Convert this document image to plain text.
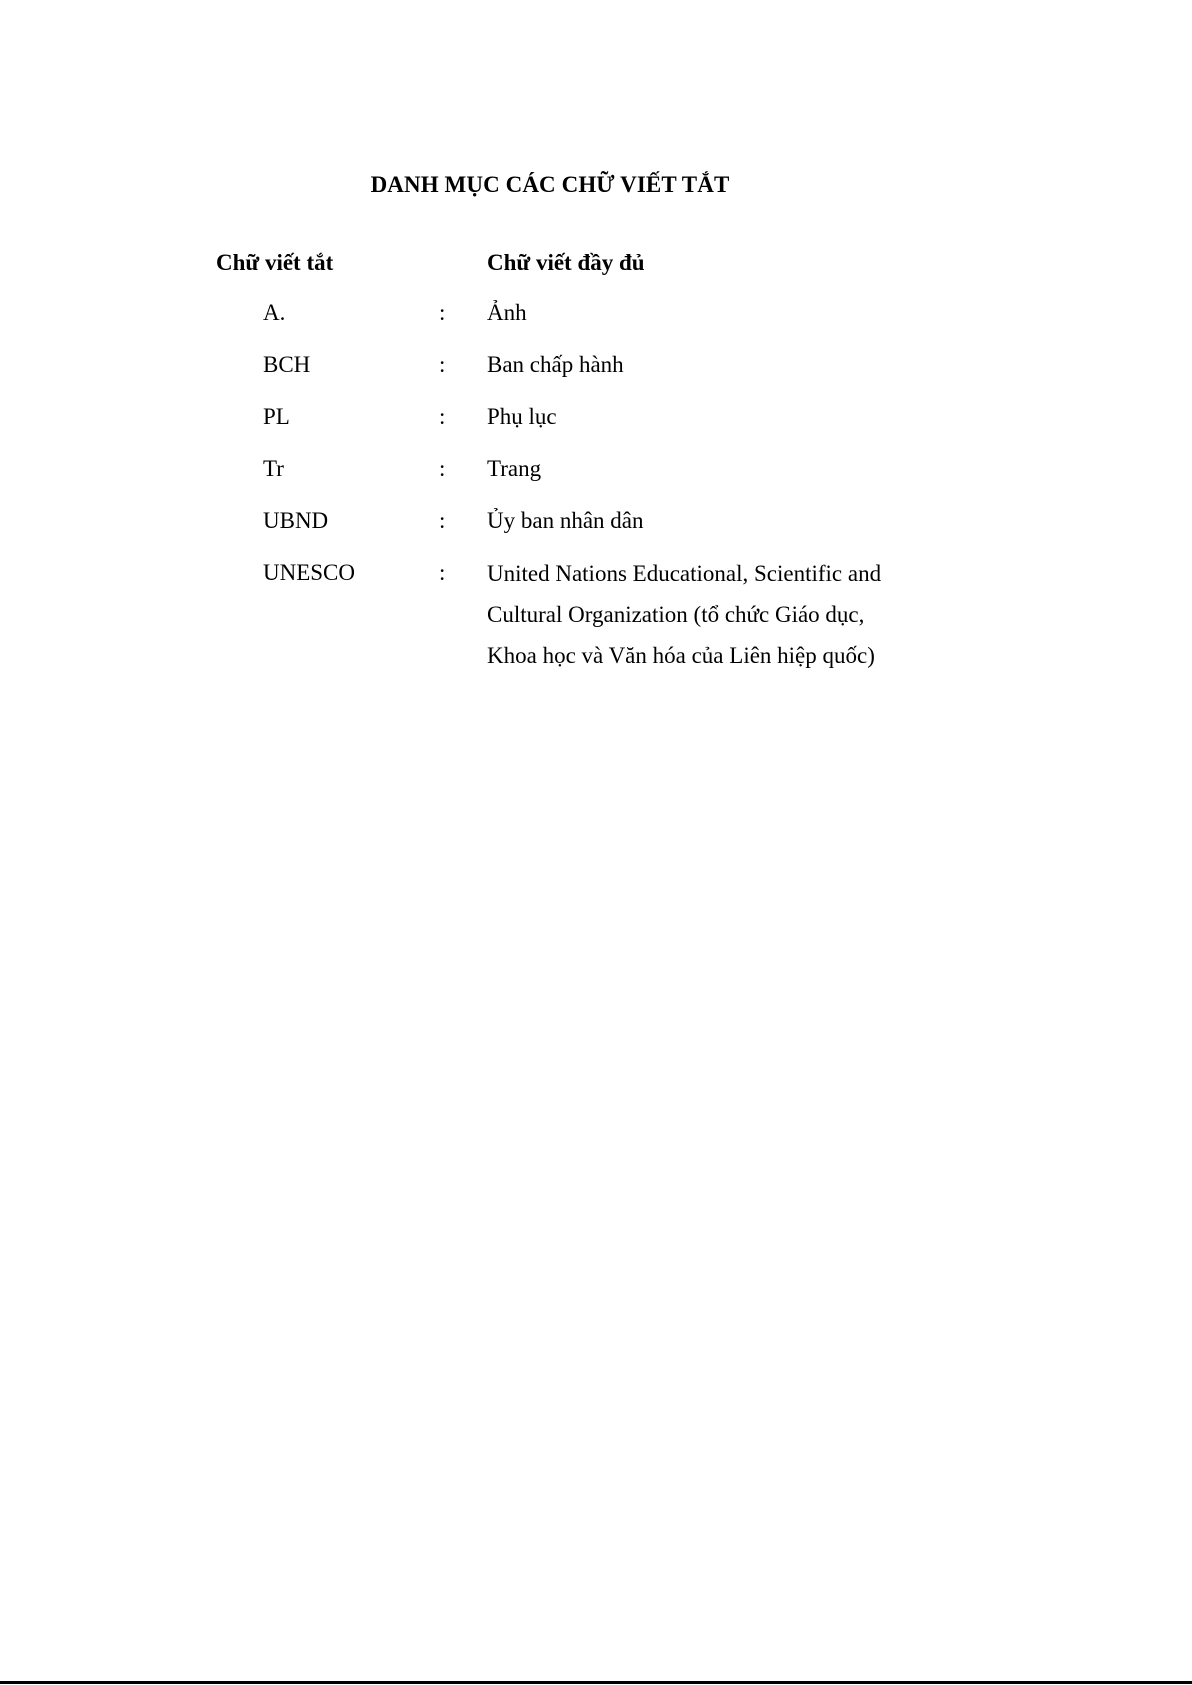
DANH MỤC CÁC CHỮ VIẾT TẮT
Chữ viết tắt	Chữ viết đầy đủ
A.	: Ảnh
BCH	: Ban chấp hành
PL	: Phụ lục
Tr	: Trang
UBND	: Ủy ban nhân dân
UNESCO	: United Nations Educational, Scientific and
Cultural Organization (tổ chức Giáo dục,
Khoa học và Văn hóa của Liên hiệp quốc)
